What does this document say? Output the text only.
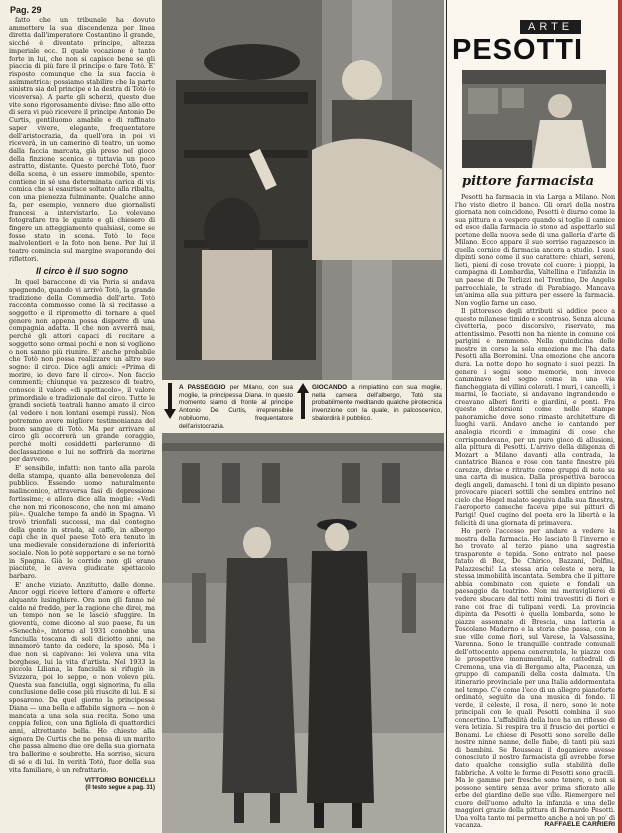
Pag. 29

fatto che un tribunale ha dovuto ammettere la sua discendenza per linea diretta dall'imperatore Costantino il grande, sicché è diventato principe, altezza imperiale ecc. Il quale vocazione è tanto forte in lui, che non si capisce bene se gli piaccia di più fare il principe o fare Totò. E' risposto comunque che la sua faccia è asimmetrica: possiamo stabilire che la parte sinistra sia del principe e la destra di Totò (o viceversa). A parte gli scherzi, questo due vite sono rigorosamente divise: fino alle otto di sera vi può ricevere il principe Antonio De Curtis, gentiluomo amabile e di raffinato saper vivere, elegante, frequentatore dell'aristocrazia, da quell'ora in poi vi riceverà, in un camerino di teatro, un uomo dalla faccia marcata, già preso nel gioco della finzione scenica e tuttavia un poco astratto, distante. Questo perché Totò, fuor della scena, è un essere immobile, spento: contiene in sé una determinata carica di vis comica che si esaurisce soltanto alla ribalta, con una pienezza fulminante. Qualche anno fa, per esempio, vennero due giornalisti francesi a intervistarlo. Lo volevano fotografare tra le quinte e gli chiesero di fingere un atteggiamento qualsiasi, come se fosse stato in scena. Totò lo fece malvolentieri e la foto non bene. Per lui il teatro comincia sul margine svaporando dei riflettori.

Il circo è il suo sogno

In quel baraccone di via Poria si andava spegnendo, quando vi arrivò Totò, la grande tradizione della Commedia dell'arte. Totò racconta commosso come là si recitasse a soggetto e il riprometto di tornare a quel genere non appena possa disporre di una compagnia adatta. Il che non avverrà mai, perché gli attori capaci di recitare a soggetto sono ormai pochi e non si vogliono o non sanno più riunire. E' anche probabile che Totò non possa realizzare un altro suo sogno: il circo. Dice agli amici: «Prima di morire, io devo fare il circo». Non faccio commenti; chiunque va pazzesco di teatro, conosce il valore «di spettacolo», il valore primordiale e tradizionale del circo. Tutte le grandi società teatrali hanno amato il circo (al vedere i non lontani esempi russi). Non potremmo avere migliore testimonianza del buon sangue di Totò. Ma per arrivare al circo gli occorrerà un grande coraggio, perché molti cosiddetti parleranno di declassazione e lui ne soffrirà da morirne per davvero.

E' sensibile, infatti: non tanto alla parola della stampa, quanto alla benevolenza del pubblico. Essendo uomo naturalmente malinconico, attraversa fasi di depressione fortissime; e allora dice alla moglie: «Vedi che non mi riconoscono, che non mi amano più». Qualche tempo fa andò in Spagna. Vi trovò trionfali successi, ma dal contegno della gente in strada, al caffè, in albergo capì che in quel paese Totò era tenuto in una medievale considerazione di inferiorità sociale. Non lo potè sopportare e se ne tornò in Spagna. Già le corride non gli erano piaciute, le aveva giudicate spettacolo barbaro.

E' anche viziato. Anzitutto, dalle donne. Ancor oggi riceve lettere d'amore e offerte alquanto lusinghiere. Ora non gli fanno né caldo né freddo, per la ragione che direi, ma un tempo non se le lasciò sfuggire. In gioventù, come dicono al suo paese, fu un «Senechè», intorno al 1931 conobbe una fanciulla toscana di soli diciotto anni, ne innamorò tanto da cedere, la sposò. Ma i due non si capivano: lei voleva una vita borghese, lui la vita d'artista. Nel 1933 la piccola Liliana, la fanciulla si rifugiò in Svizzera, poi lo seppe, e non volevo più. Questa sua fanciulla, oggi signorina, fu alla conclusione delle cose più riuscite di lui. E si sposarono. Da quel giorno la principessa Diana — una bella e affabile signora — non è mancata a una sola sua recita. Sono una coppia felice, con una figliola di quattordici anni, altrettanto bella. Ho chiesto alla signora De Curtis che ne pensa di un marito che passa almeno due ore della sua giornata tra ballerine e soubrette. Ha sorriso, sicura di sé e di lui. In verità Totò, fuor della sua vita familiare, è un refrattario.

VITTORIO BONICELLI
(Il testo segue a pag. 31)
A PASSEGGIO per Milano, con sua moglie, la principessa Diana. In questo momento siamo di fronte al principe Antonio De Curtis, irreprensibile nobiluomo, frequentatore dell'aristocrazia.
GIOCANDO a rimpiattino con sua moglie, nella camera dell'albergo, Totò sta probabilmente meditando qualche pirotecnica invenzione con la quale, in palcoscenico, sbalordirà il pubblico.
ARTE
PESOTTI
pittore farmacista

Pesotti ha farmacia in via Larga a Milano. Non l'ho visto dietro il banco. Gli orari della nostra giornata non coincidono, Pesotti è diurno come la sua pittura e a vespero quando si toglie il camice ed esce dalla farmacia io stono ad aspettarlo sul portone della nuova sede di una galleria d'arte di Milano. Ecco appare il suo sorriso ragazzesco in quella cornice di farmacia ancora a studio. I suoi dipinti sono come il suo carattere: chiari, sereni, lieti, pieni di cose trovate col cuore: i pioppi, la campagna di Lombardia, Valtellina e l'infanzia in un paese di De Terlizzi nel Trentino, De Angelis parrocchiale, le strade di Parabiago. Mancava un'anima alla sua pittura per essere la farmacia. Non voglio farne un caso.

Il pittoresco degli attributi si addice poco a questo milanese timido e scontroso. Senza alcuna civetteria, poco discorsivo, riservato, ma attentissimo. Pesotti non ha niente in comune coi parigini e nemmeno. Nella quindicina delle mostre in corso la sola emozione me l'ha data Pesotti alla Borromini. Una emozione che ancora dura. La notte dopo ho sognato i suoi pezzi. In genere i sogni sono memorie, non invece camminavo nel sogno come in una via fiancheggiata di villini colorati. I muri, i cancelli, i marmi, le facciate, si andavano ingrandendo e creavano alberi fioriti e giardini, e ponti. Fra queste distorsioni come nelle stampe panoramiche dove sono rimaste architetture di luoghi varii. Andavo anche io cantando per analogia ricordi e immagini di cose che corrispondevano, per un puro gioco di allusioni, alla pittura di Pesotti. L'arrivo della diligenza di Mozart a Milano davanti alla contrada, la cantatrice Bianca e rose con tante finestre più carezze, divise e ritratte come gruppi di note su una carta di musica. Dalla prospettiva barocca degli angeli, damaschi. I toni di un dipinto pesano provocare piaceri sottili che sembra entrino nel cielo che Hegel malato seguiva dalla sua finestra, l'aeroporto cameche faceva pipe sui pitturi di Parigi! Quel cugino del poeta ero la libertà e la felicità di una giornata di primavera.

Ho però l'accesso per andare a vedere la mostra della farmacia. Ho lasciato lì l'inverno e ho trovato al terzo piano una sagrestia trasparente e tepida. Sono entrato nel paese fatato di Boz, De Chirico, Bazzani, Dolfini, Palazzeschi! La stessa aria celeste e nera, la stessa immobilità incantata. Sembra che il pittore abbia combinato con quiete e fondali un paesaggio da teatrino. Non mi meraviglierei di vedere sbucare dal tetti mini travestiti di fiori e rane coi frac di tulipani verdi. La provincia dipinta da Pesotti è quella lombarda, sono le piazze assonnate di Brescia, una latteria a Toscolano Maderno e la storia che passa, con le sue ville come fiori, sul Varese, la Valsassina, Varenna. Sono le tranquille contrade comunali dell'ottocento appena cenerentola, le piazze con le prospettive monumentali, le cattedrali di Cremona, una via di Bergamo alta, Piacenza, un gruppo di campanili della costa dalmata. Un itinerario provinciale per una Italia addormentata nel tempo. C'è come l'eco di un allegro pianoforte ordinato, seguito da una musica di fondo. Il verde, il celeste, il rosa, il nero, sono le note principali con le quali Pesotti combina il suo concertino. L'affabilità della luce ha un riflesso di vera letizia. Si respira tra il fruscio dei portici e Bonami. Le chiese di Pesotti sono sorelle delle nostre ninne nanne, delle fiabe, di tanti più sazi di bambini. Se Rousseau il doganiere avesse conosciuto il nostro farmacista gli avrebbe forse dato qualche consiglio sulla stabilità delle fabbriche. A volte le forme di Pesotti sono gracili. Ma le gamme per fresche sono tenere, e non si possono sentire senza aver prima sfiorato alle erbe del giardino delle sue ville. Riemergere nel cuore dell'uomo adulto la infanzia e una delle maggiori grazie della pittura di Bernardo Pesotti. Una volta tanto mi permetto anche a noi un po' di vacanza.	RAFFAELE CARRIERI
